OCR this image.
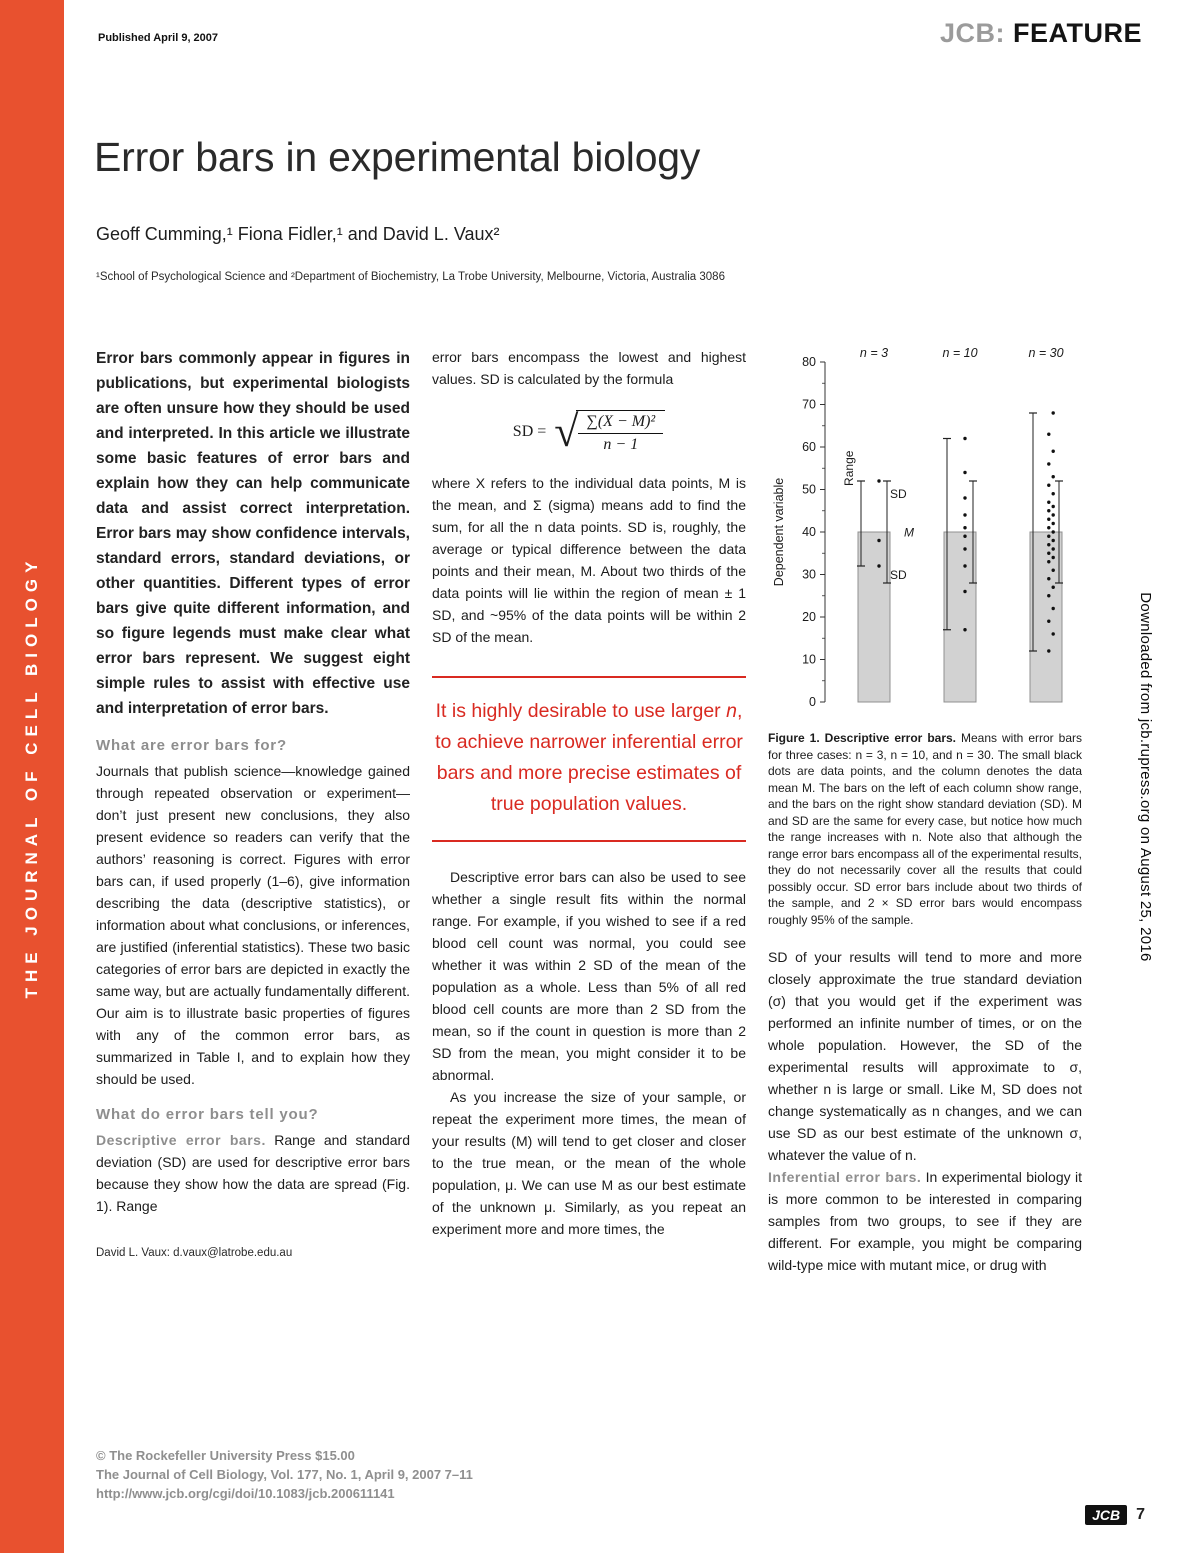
THE JOURNAL OF CELL BIOLOGY
Published April 9, 2007	JCB: FEATURE
Error bars in experimental biology
Geoff Cumming,¹ Fiona Fidler,¹ and David L. Vaux²
¹School of Psychological Science and ²Department of Biochemistry, La Trobe University, Melbourne, Victoria, Australia 3086

Error bars commonly appear in figures in publications, but experimental biologists are often unsure how they should be used and interpreted. In this article we illustrate some basic features of error bars and explain how they can help communicate data and assist correct interpretation. Error bars may show confidence intervals, standard errors, standard deviations, or other quantities. Different types of error bars give quite different information, and so figure legends must make clear what error bars represent. We suggest eight simple rules to assist with effective use and interpretation of error bars.

What are error bars for?

Journals that publish science—knowledge gained through repeated observation or experiment—don’t just present new conclusions, they also present evidence so readers can verify that the authors’ reasoning is correct. Figures with error bars can, if used properly (1–6), give information describing the data (descriptive statistics), or information about what conclusions, or inferences, are justified (inferential statistics). These two basic categories of error bars are depicted in exactly the same way, but are actually fundamentally different. Our aim is to illustrate basic properties of figures with any of the common error bars, as summarized in Table I, and to explain how they should be used.

What do error bars tell you?

Descriptive error bars. Range and standard deviation (SD) are used for descriptive error bars because they show how the data are spread (Fig. 1). Range

David L. Vaux: d.vaux@latrobe.edu.au

error bars encompass the lowest and highest values. SD is calculated by the formula

SD = √
$\frac{\text{∑(X − M)²}}{n - 1}$

where X refers to the individual data points, M is the mean, and Σ (sigma) means add to find the sum, for all the n data points. SD is, roughly, the average or typical difference between the data points and their mean, M. About two thirds of the data points will lie within the region of mean ± 1 SD, and ~95% of the data points will be within 2 SD of the mean.

It is highly desirable to use larger n, to achieve narrower inferential error bars and more precise estimates of true population values.

Descriptive error bars can also be used to see whether a single result fits within the normal range. For example, if you wished to see if a red blood cell count was normal, you could see whether it was within 2 SD of the mean of the population as a whole. Less than 5% of all red blood cell counts are more than 2 SD from the mean, so if the count in question is more than 2 SD from the mean, you might consider it to be abnormal.

As you increase the size of your sample, or repeat the experiment more times, the mean of your results (M) will tend to get closer and closer to the true mean, or the mean of the whole population, μ. We can use M as our best estimate of the unknown μ. Similarly, as you repeat an experiment more and more times, the

0
10
20
30
40
50
60
70
80
Dependent variable
n = 3	n = 10	n = 30
Range
SD
M
SD
Figure 1. Descriptive error bars. Means with error bars for three cases: n = 3, n = 10, and n = 30. The small black dots are data points, and the column denotes the data mean M. The bars on the left of each column show range, and the bars on the right show standard deviation (SD). M and SD are the same for every case, but notice how much the range increases with n. Note also that although the range error bars encompass all of the experimental results, they do not necessarily cover all the results that could possibly occur. SD error bars include about two thirds of the sample, and 2 × SD error bars would encompass roughly 95% of the sample.

SD of your results will tend to more and more closely approximate the true standard deviation (σ) that you would get if the experiment was performed an infinite number of times, or on the whole population. However, the SD of the experimental results will approximate to σ, whether n is large or small. Like M, SD does not change systematically as n changes, and we can use SD as our best estimate of the unknown σ, whatever the value of n.

Inferential error bars. In experimental biology it is more common to be interested in comparing samples from two groups, to see if they are different. For example, you might be comparing wild-type mice with mutant mice, or drug with

© The Rockefeller University Press $15.00
The Journal of Cell Biology, Vol. 177, No. 1, April 9, 2007 7–11
http://www.jcb.org/cgi/doi/10.1083/jcb.200611141
JCB	7
Downloaded from jcb.rupress.org on August 25, 2016
